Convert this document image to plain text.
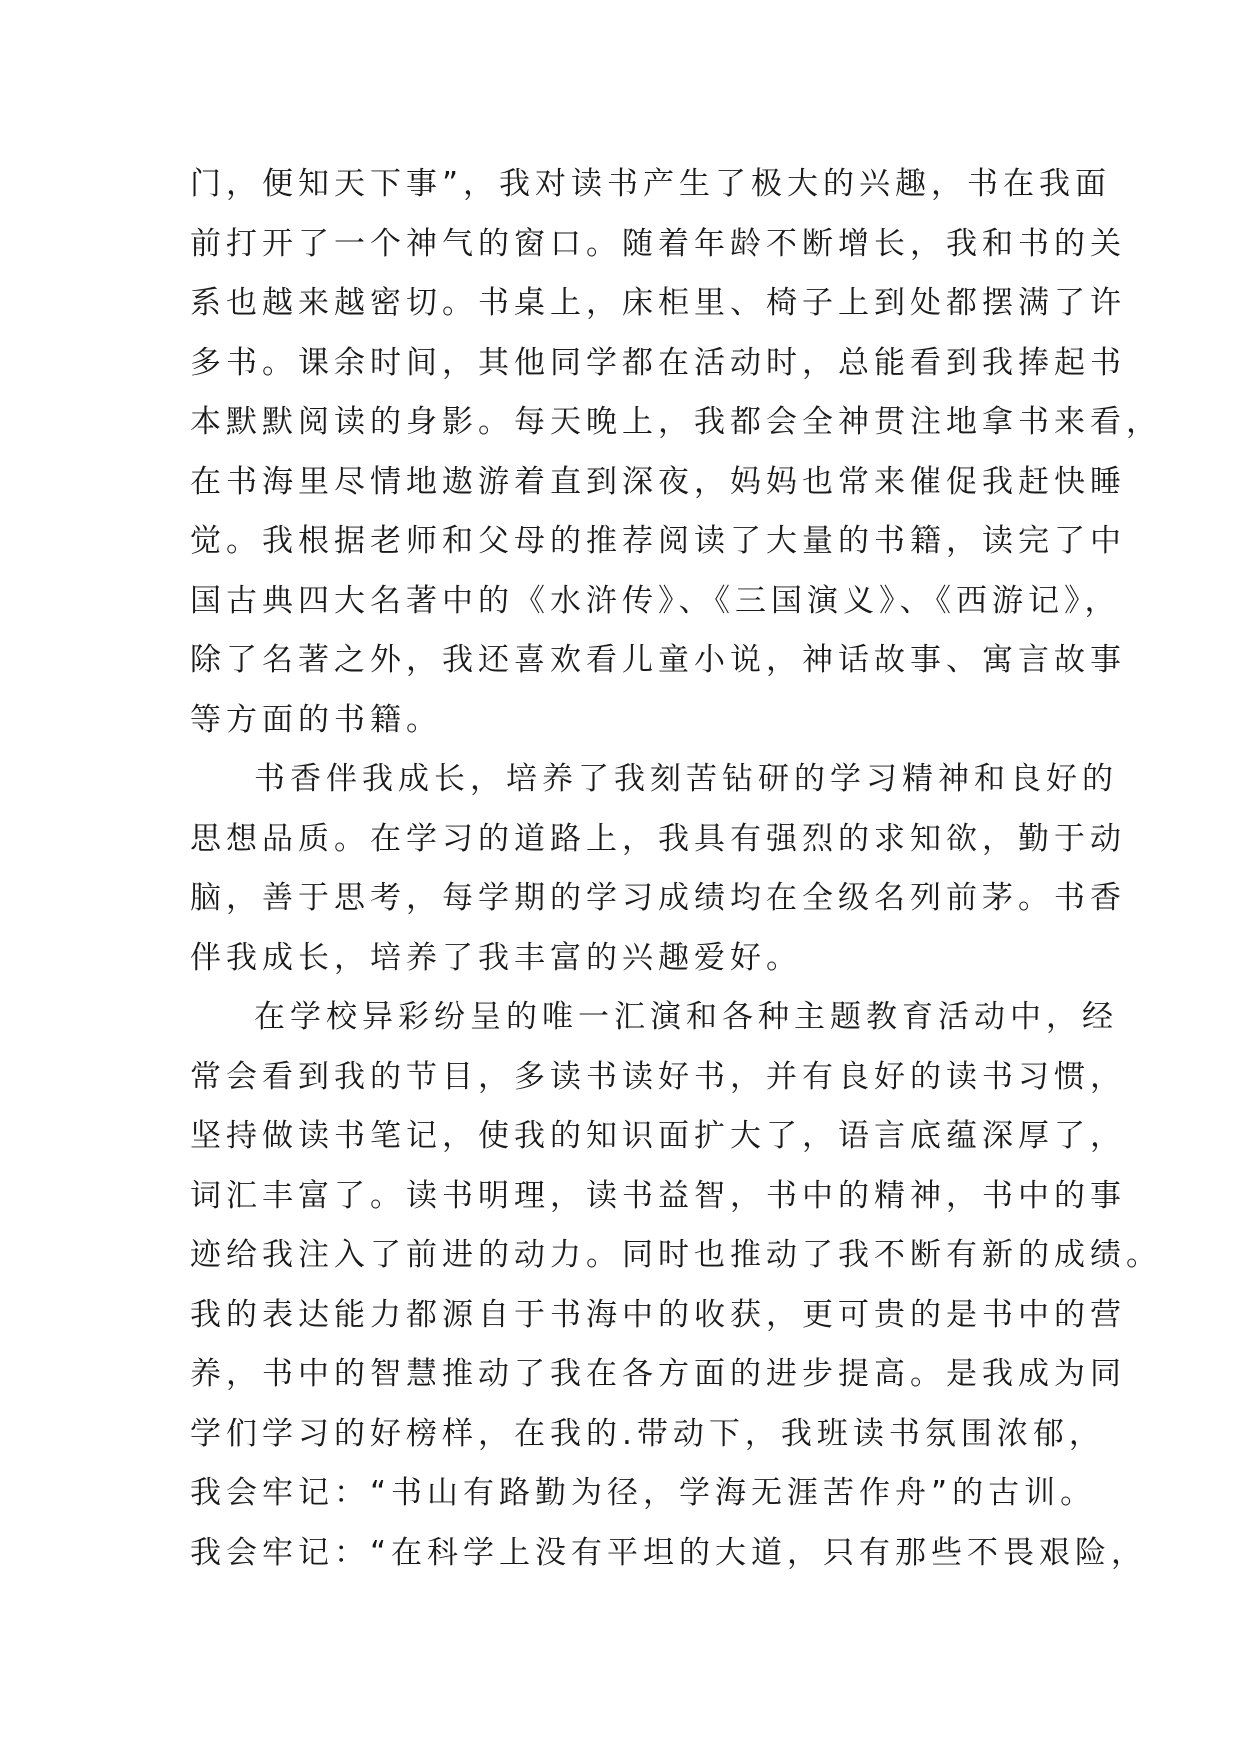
门，便知天下事”，我对读书产生了极大的兴趣，书在我面
前打开了一个神气的窗口。随着年龄不断增长，我和书的关
系也越来越密切。书桌上，床柜里、椅子上到处都摆满了许
多书。课余时间，其他同学都在活动时，总能看到我捧起书
本默默阅读的身影。每天晚上，我都会全神贯注地拿书来看，
在书海里尽情地遨游着直到深夜，妈妈也常来催促我赶快睡
觉。我根据老师和父母的推荐阅读了大量的书籍，读完了中
国古典四大名著中的《水浒传》、《三国演义》、《西游记》，
除了名著之外，我还喜欢看儿童小说，神话故事、寓言故事
等方面的书籍。
书香伴我成长，培养了我刻苦钻研的学习精神和良好的
思想品质。在学习的道路上，我具有强烈的求知欲，勤于动
脑，善于思考，每学期的学习成绩均在全级名列前茅。书香
伴我成长，培养了我丰富的兴趣爱好。
在学校异彩纷呈的唯一汇演和各种主题教育活动中，经
常会看到我的节目，多读书读好书，并有良好的读书习惯，
坚持做读书笔记，使我的知识面扩大了，语言底蕴深厚了，
词汇丰富了。读书明理，读书益智，书中的精神，书中的事
迹给我注入了前进的动力。同时也推动了我不断有新的成绩。
我的表达能力都源自于书海中的收获，更可贵的是书中的营
养，书中的智慧推动了我在各方面的进步提高。是我成为同
学们学习的好榜样，在我的.带动下，我班读书氛围浓郁，
我会牢记：“书山有路勤为径，学海无涯苦作舟”的古训。
我会牢记：“在科学上没有平坦的大道，只有那些不畏艰险，
